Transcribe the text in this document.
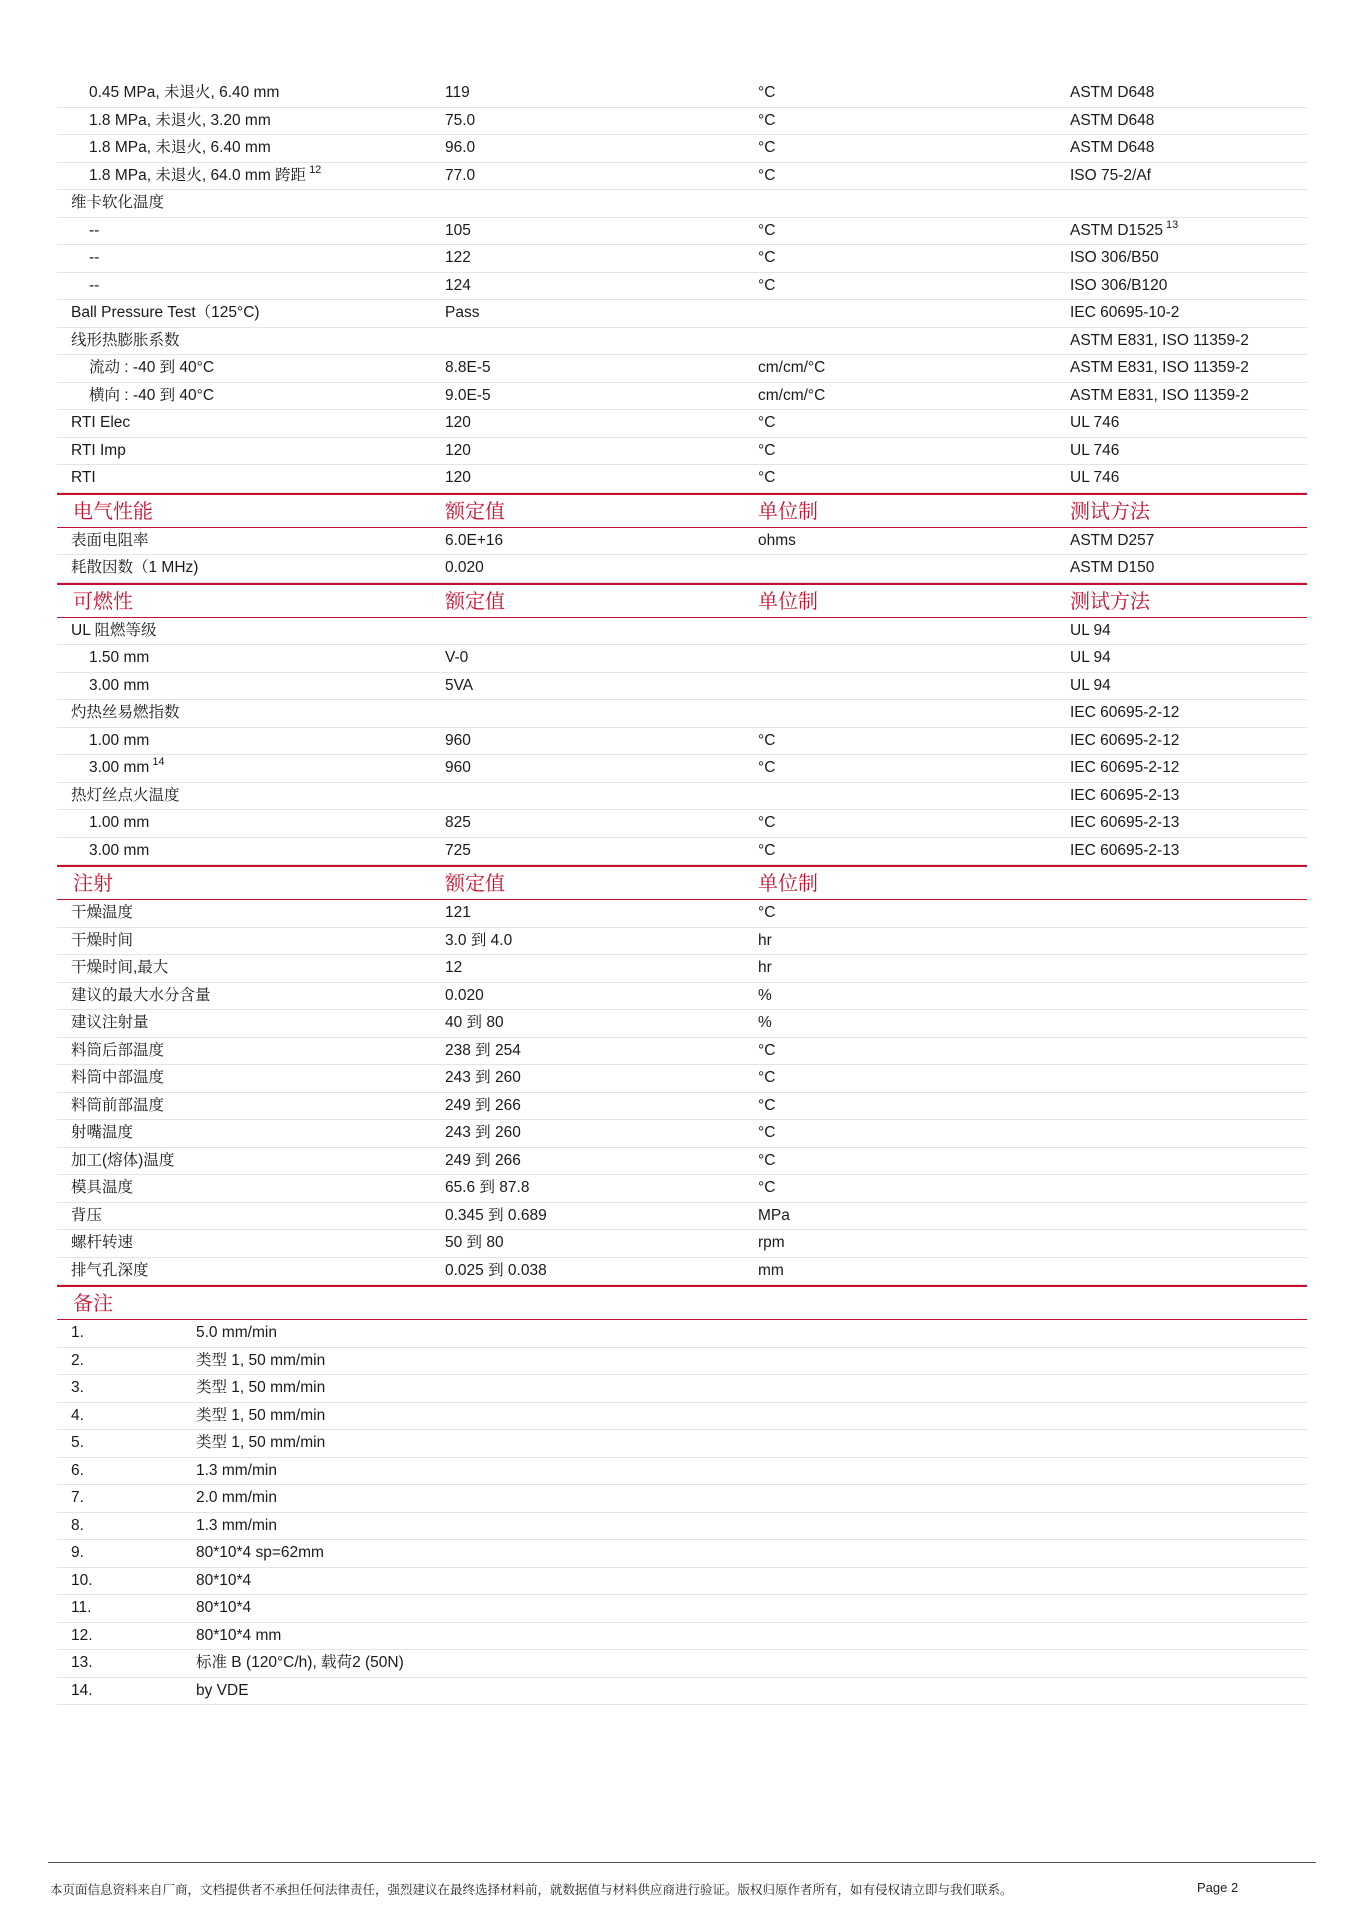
0.45 MPa, 未退火, 6.40 mm	119	°C	ASTM D648
1.8 MPa, 未退火, 3.20 mm	75.0	°C	ASTM D648
1.8 MPa, 未退火, 6.40 mm	96.0	°C	ASTM D648
1.8 MPa, 未退火, 64.0 mm 跨距 $^{12}$	77.0	°C	ISO 75-2/Af
维卡软化温度
--	105	°C	ASTM D1525 $^{13}$
--	122	°C	ISO 306/B50
--	124	°C	ISO 306/B120
Ball Pressure Test（125°C)	Pass	IEC 60695-10-2
线形热膨胀系数	ASTM E831, ISO 11359-2
流动 : -40 到 40°C	8.8E-5	cm/cm/°C	ASTM E831, ISO 11359-2
横向 : -40 到 40°C	9.0E-5	cm/cm/°C	ASTM E831, ISO 11359-2
RTI Elec	120	°C	UL 746
RTI Imp	120	°C	UL 746
RTI	120	°C	UL 746
电气性能	额定值	单位制	测试方法
表面电阻率	6.0E+16	ohms	ASTM D257
耗散因数（1 MHz)	0.020	ASTM D150
可燃性	额定值	单位制	测试方法
UL 阻燃等级	UL 94
1.50 mm	V-0	UL 94
3.00 mm	5VA	UL 94
灼热丝易燃指数	IEC 60695-2-12
1.00 mm	960	°C	IEC 60695-2-12
3.00 mm $^{14}$	960	°C	IEC 60695-2-12
热灯丝点火温度	IEC 60695-2-13
1.00 mm	825	°C	IEC 60695-2-13
3.00 mm	725	°C	IEC 60695-2-13
注射	额定值	单位制
干燥温度	121	°C
干燥时间	3.0 到 4.0	hr
干燥时间,最大	12	hr
建议的最大水分含量	0.020	%
建议注射量	40 到 80	%
料筒后部温度	238 到 254	°C
料筒中部温度	243 到 260	°C
料筒前部温度	249 到 266	°C
射嘴温度	243 到 260	°C
加工(熔体)温度	249 到 266	°C
模具温度	65.6 到 87.8	°C
背压	0.345 到 0.689	MPa
螺杆转速	50 到 80	rpm
排气孔深度	0.025 到 0.038	mm
备注
1.	5.0 mm/min
2.	类型 1, 50 mm/min
3.	类型 1, 50 mm/min
4.	类型 1, 50 mm/min
5.	类型 1, 50 mm/min
6.	1.3 mm/min
7.	2.0 mm/min
8.	1.3 mm/min
9.	80*10*4 sp=62mm
10.	80*10*4
11.	80*10*4
12.	80*10*4 mm
13.	标准 B (120°C/h), 载荷2 (50N)
14.	by VDE
本页面信息资料来自厂商，文档提供者不承担任何法律责任，强烈建议在最终选择材料前，就数据值与材料供应商进行验证。版权归原作者所有，如有侵权请立即与我们联系。	Page 2
